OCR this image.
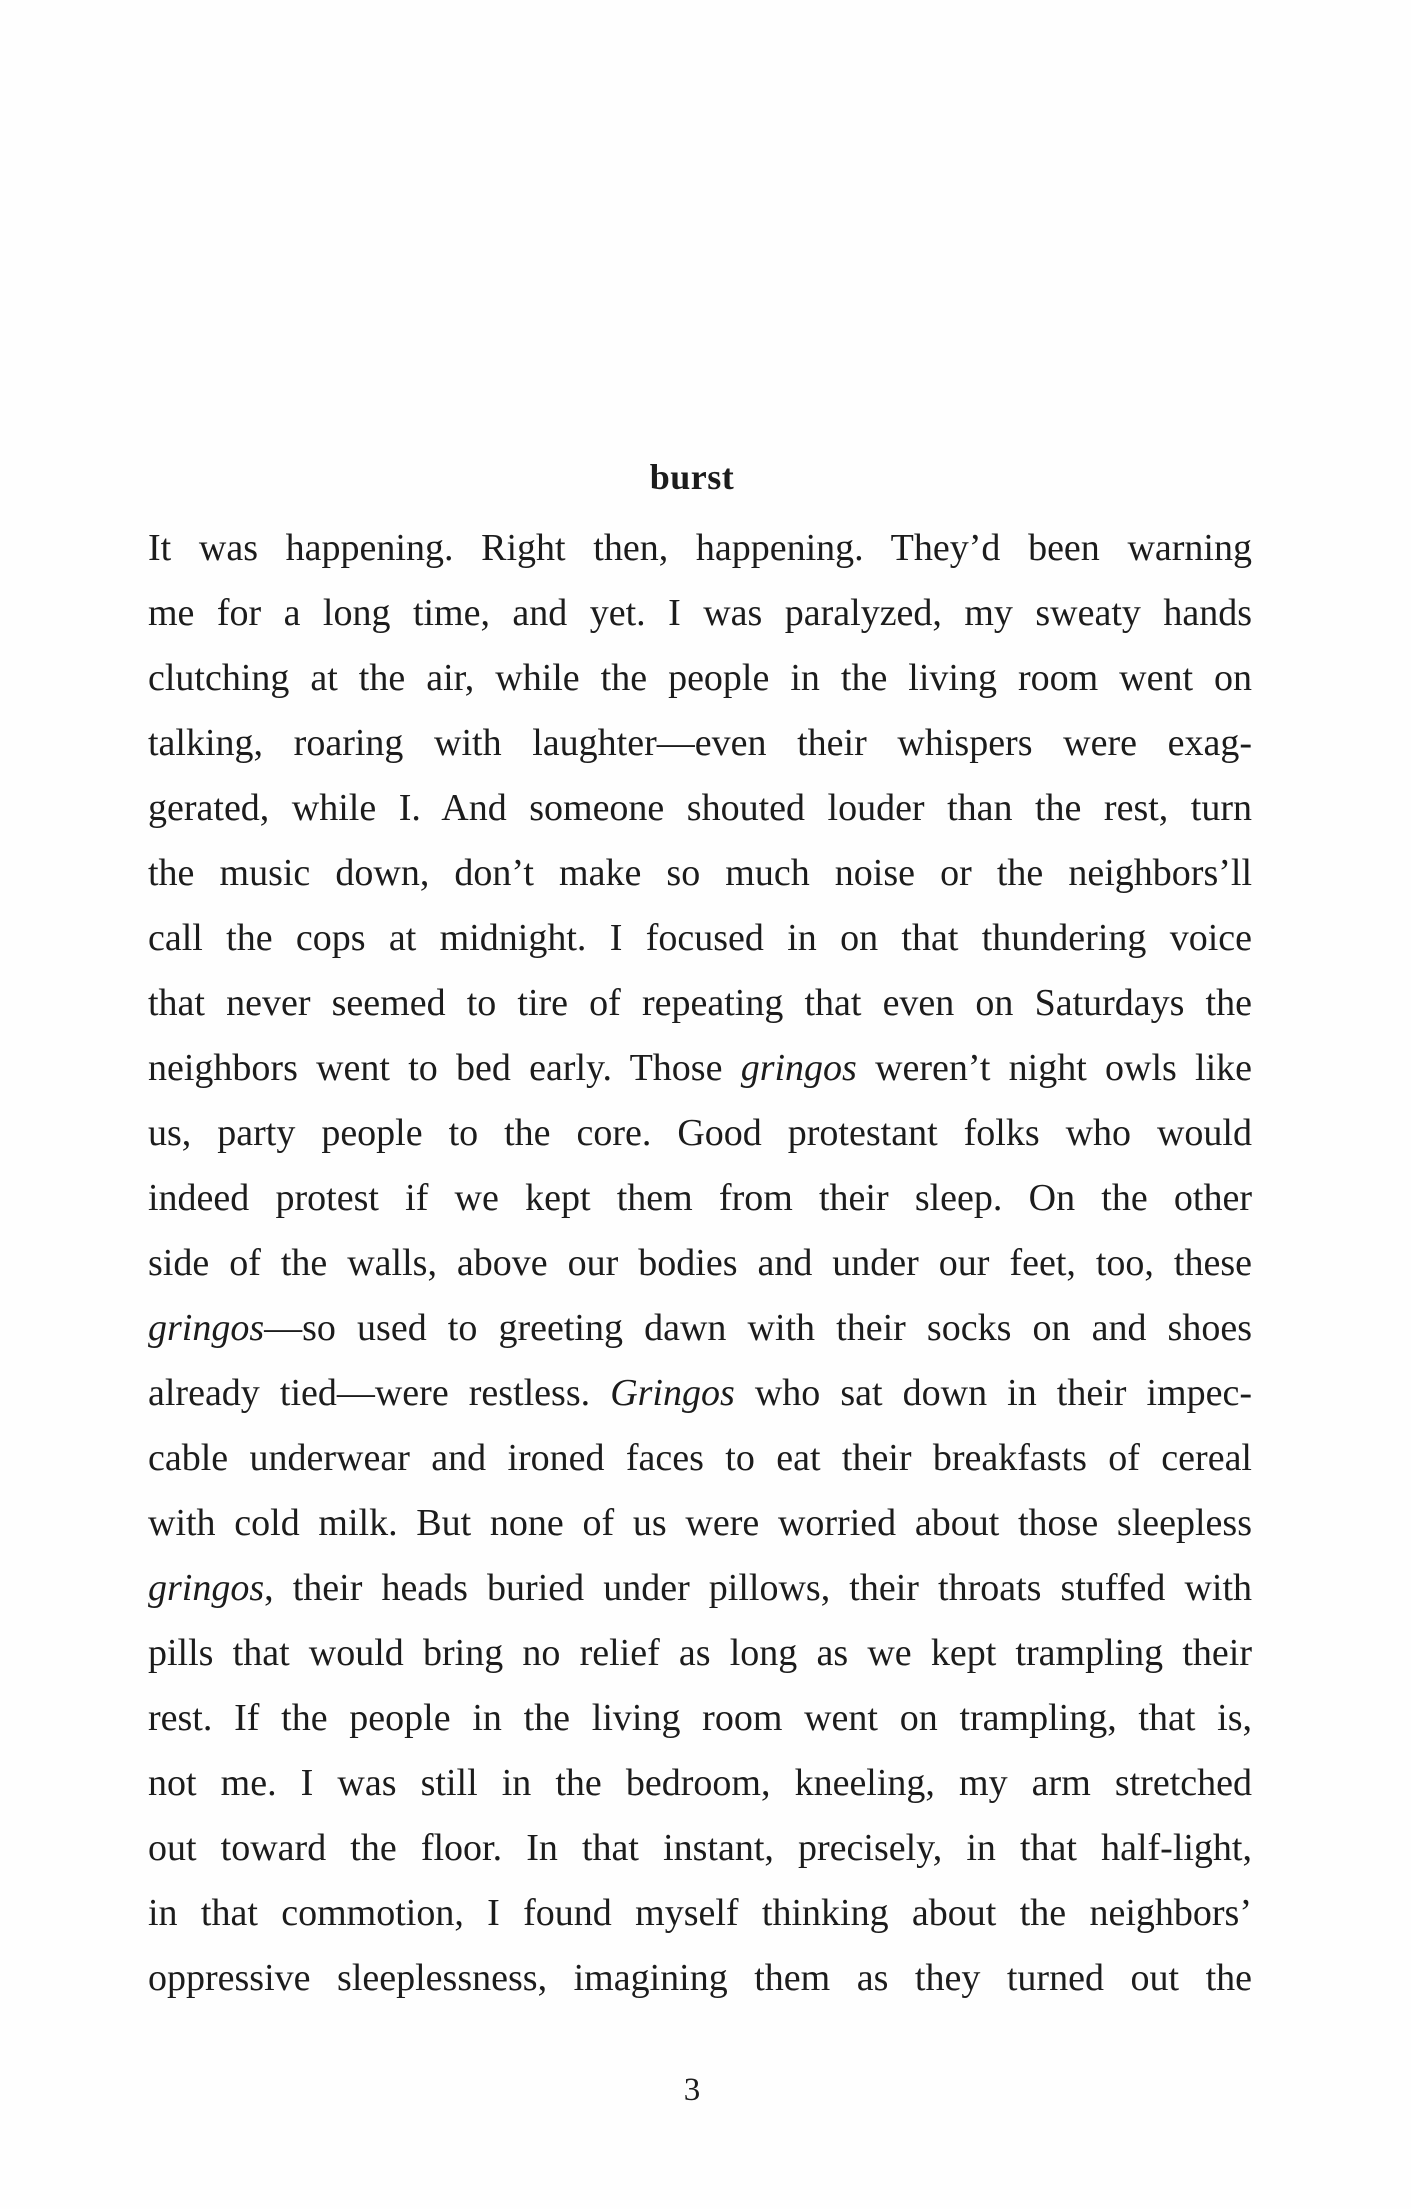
burst
It was happening. Right then, happening. They’d been warning
me for a long time, and yet. I was paralyzed, my sweaty hands
clutching at the air, while the people in the living room went on
talking, roaring with laughter—even their whispers were exag-
gerated, while I. And someone shouted louder than the rest, turn
the music down, don’t make so much noise or the neighbors’ll
call the cops at midnight. I focused in on that thundering voice
that never seemed to tire of repeating that even on Saturdays the
neighbors went to bed early. Those gringos weren’t night owls like
us, party people to the core. Good protestant folks who would
indeed protest if we kept them from their sleep. On the other
side of the walls, above our bodies and under our feet, too, these
gringos—so used to greeting dawn with their socks on and shoes
already tied—were restless. Gringos who sat down in their impec-
cable underwear and ironed faces to eat their breakfasts of cereal
with cold milk. But none of us were worried about those sleepless
gringos, their heads buried under pillows, their throats stuffed with
pills that would bring no relief as long as we kept trampling their
rest. If the people in the living room went on trampling, that is,
not me. I was still in the bedroom, kneeling, my arm stretched
out toward the floor. In that instant, precisely, in that half-light,
in that commotion, I found myself thinking about the neighbors’
oppressive sleeplessness, imagining them as they turned out the
3
